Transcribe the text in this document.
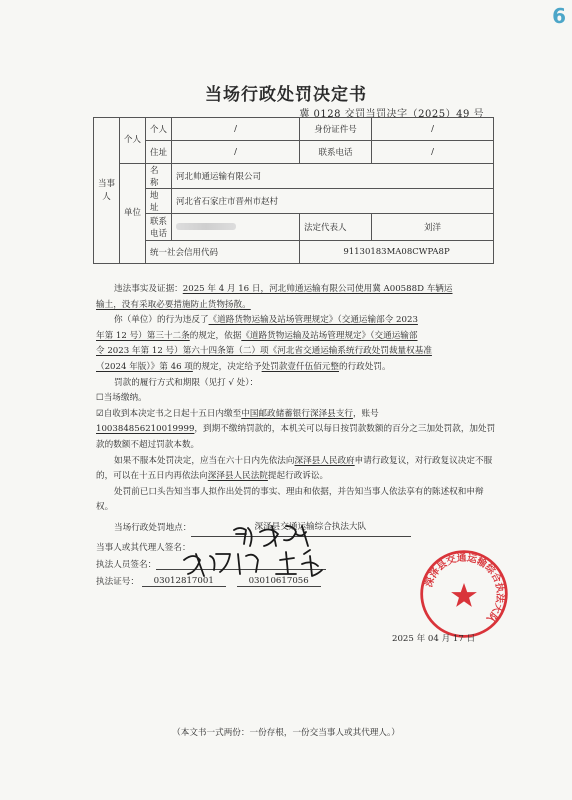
6
当场行政处罚决定书
冀 0128 交罚当罚决字（2025）49 号
当事人	个人	个人	/	身份证件号	/
		住址	/	联系电话	/
	单位	名 称	河北帅通运输有限公司		
		地 址	河北省石家庄市晋州市赵村		
		联系电话		法定代表人	刘洋
		统一社会信用代码		91130183MA08CWPA8P	

违法事实及证据：2025 年 4 月 16 日，河北帅通运输有限公司使用冀 A00588D 车辆运
输土，没有采取必要措施防止货物扬散。

你（单位）的行为违反了《道路货物运输及站场管理规定》（交通运输部令 2023
年第 12 号）第三十二条的规定，依据《道路货物运输及站场管理规定》（交通运输部
令 2023 年第 12 号）第六十四条第（二）项《河北省交通运输系统行政处罚裁量权基准
（2024 年版）》第 46 项的规定，决定给予处罚款壹仟伍佰元整的行政处罚。

罚款的履行方式和期限（见打 √ 处）：

☐当场缴纳。

☑自收到本决定书之日起十五日内缴至中国邮政储蓄银行深泽县支行，账号
100384856210019999，到期不缴纳罚款的，本机关可以每日按罚款数额的百分之三加处罚款，加处罚款的数额不超过罚款本数。

如果不服本处罚决定，应当在六十日内先依法向深泽县人民政府申请行政复议，对行政复议决定不服的，可以在十五日内再依法向深泽县人民法院提起行政诉讼。

处罚前已口头告知当事人拟作出处罚的事实、理由和依据，并告知当事人依法享有的陈述权和申辩权。

当场行政处罚地点：	深泽县交通运输综合执法大队

当事人或其代理人签名：
执法人员签名：
执法证号： 03012817001	03010617056	深泽县交通运输综合执法大队
2025 年 04 月 17 日
（本文书一式两份：一份存根，一份交当事人或其代理人。）
